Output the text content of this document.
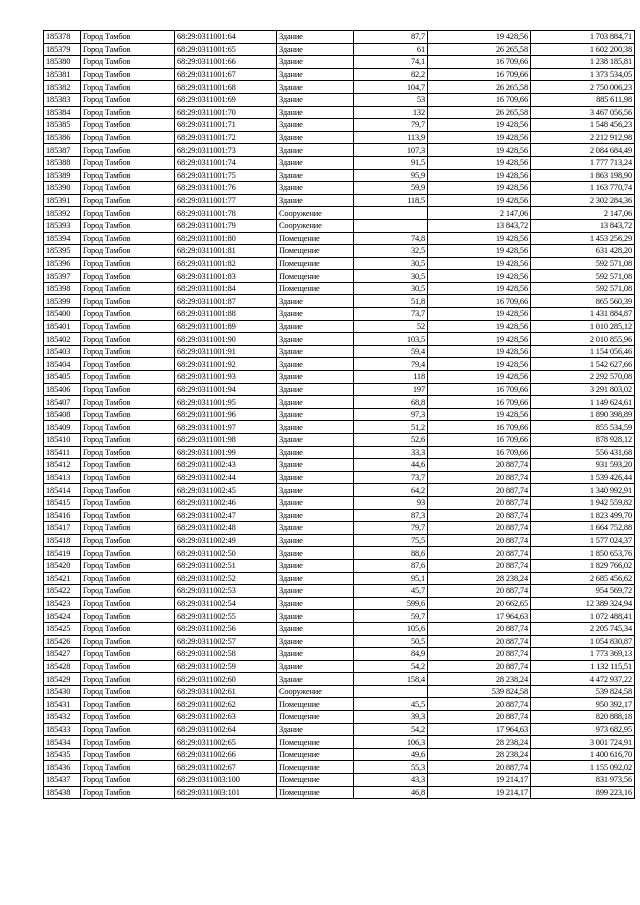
185378	Город Тамбов	68:29:0311001:64	Здание	87,7	19 428,56	1 703 884,71
185379	Город Тамбов	68:29:0311001:65	Здание	61	26 265,58	1 602 200,38
185380	Город Тамбов	68:29:0311001:66	Здание	74,1	16 709,66	1 238 185,81
185381	Город Тамбов	68:29:0311001:67	Здание	82,2	16 709,66	1 373 534,05
185382	Город Тамбов	68:29:0311001:68	Здание	104,7	26 265,58	2 750 006,23
185383	Город Тамбов	68:29:0311001:69	Здание	53	16 709,66	885 611,98
185384	Город Тамбов	68:29:0311001:70	Здание	132	26 265,58	3 467 056,56
185385	Город Тамбов	68:29:0311001:71	Здание	79,7	19 428,56	1 548 456,23
185386	Город Тамбов	68:29:0311001:72	Здание	113,9	19 428,56	2 212 912,98
185387	Город Тамбов	68:29:0311001:73	Здание	107,3	19 428,56	2 084 684,49
185388	Город Тамбов	68:29:0311001:74	Здание	91,5	19 428,56	1 777 713,24
185389	Город Тамбов	68:29:0311001:75	Здание	95,9	19 428,56	1 863 198,90
185390	Город Тамбов	68:29:0311001:76	Здание	59,9	19 428,56	1 163 770,74
185391	Город Тамбов	68:29:0311001:77	Здание	118,5	19 428,56	2 302 284,36
185392	Город Тамбов	68:29:0311001:78	Сооружение		2 147,06	2 147,06
185393	Город Тамбов	68:29:0311001:79	Сооружение		13 843,72	13 843,72
185394	Город Тамбов	68:29:0311001:80	Помещение	74,8	19 428,56	1 453 256,29
185395	Город Тамбов	68:29:0311001:81	Помещение	32,5	19 428,56	631 428,20
185396	Город Тамбов	68:29:0311001:82	Помещение	30,5	19 428,56	592 571,08
185397	Город Тамбов	68:29:0311001:83	Помещение	30,5	19 428,56	592 571,08
185398	Город Тамбов	68:29:0311001:84	Помещение	30,5	19 428,56	592 571,08
185399	Город Тамбов	68:29:0311001:87	Здание	51,8	16 709,66	865 560,39
185400	Город Тамбов	68:29:0311001:88	Здание	73,7	19 428,56	1 431 884,87
185401	Город Тамбов	68:29:0311001:89	Здание	52	19 428,56	1 010 285,12
185402	Город Тамбов	68:29:0311001:90	Здание	103,5	19 428,56	2 010 855,96
185403	Город Тамбов	68:29:0311001:91	Здание	59,4	19 428,56	1 154 056,46
185404	Город Тамбов	68:29:0311001:92	Здание	79,4	19 428,56	1 542 627,66
185405	Город Тамбов	68:29:0311001:93	Здание	118	19 428,56	2 292 570,08
185406	Город Тамбов	68:29:0311001:94	Здание	197	16 709,66	3 291 803,02
185407	Город Тамбов	68:29:0311001:95	Здание	68,8	16 709,66	1 149 624,61
185408	Город Тамбов	68:29:0311001:96	Здание	97,3	19 428,56	1 890 398,89
185409	Город Тамбов	68:29:0311001:97	Здание	51,2	16 709,66	855 534,59
185410	Город Тамбов	68:29:0311001:98	Здание	52,6	16 709,66	878 928,12
185411	Город Тамбов	68:29:0311001:99	Здание	33,3	16 709,66	556 431,68
185412	Город Тамбов	68:29:0311002:43	Здание	44,6	20 887,74	931 593,20
185413	Город Тамбов	68:29:0311002:44	Здание	73,7	20 887,74	1 539 426,44
185414	Город Тамбов	68:29:0311002:45	Здание	64,2	20 887,74	1 340 992,91
185415	Город Тамбов	68:29:0311002:46	Здание	93	20 887,74	1 942 559,82
185416	Город Тамбов	68:29:0311002:47	Здание	87,3	20 887,74	1 823 499,70
185417	Город Тамбов	68:29:0311002:48	Здание	79,7	20 887,74	1 664 752,88
185418	Город Тамбов	68:29:0311002:49	Здание	75,5	20 887,74	1 577 024,37
185419	Город Тамбов	68:29:0311002:50	Здание	88,6	20 887,74	1 850 653,76
185420	Город Тамбов	68:29:0311002:51	Здание	87,6	20 887,74	1 829 766,02
185421	Город Тамбов	68:29:0311002:52	Здание	95,1	28 238,24	2 685 456,62
185422	Город Тамбов	68:29:0311002:53	Здание	45,7	20 887,74	954 569,72
185423	Город Тамбов	68:29:0311002:54	Здание	599,6	20 662,65	12 389 324,94
185424	Город Тамбов	68:29:0311002:55	Здание	59,7	17 964,63	1 072 488,41
185425	Город Тамбов	68:29:0311002:56	Здание	105,6	20 887,74	2 205 745,34
185426	Город Тамбов	68:29:0311002:57	Здание	50,5	20 887,74	1 054 830,87
185427	Город Тамбов	68:29:0311002:58	Здание	84,9	20 887,74	1 773 369,13
185428	Город Тамбов	68:29:0311002:59	Здание	54,2	20 887,74	1 132 115,51
185429	Город Тамбов	68:29:0311002:60	Здание	158,4	28 238,24	4 472 937,22
185430	Город Тамбов	68:29:0311002:61	Сооружение		539 824,58	539 824,58
185431	Город Тамбов	68:29:0311002:62	Помещение	45,5	20 887,74	950 392,17
185432	Город Тамбов	68:29:0311002:63	Помещение	39,3	20 887,74	820 888,18
185433	Город Тамбов	68:29:0311002:64	Здание	54,2	17 964,63	973 682,95
185434	Город Тамбов	68:29:0311002:65	Помещение	106,3	28 238,24	3 001 724,91
185435	Город Тамбов	68:29:0311002:66	Помещение	49,6	28 238,24	1 400 616,70
185436	Город Тамбов	68:29:0311002:67	Помещение	55,3	20 887,74	1 155 092,02
185437	Город Тамбов	68:29:0311003:100	Помещение	43,3	19 214,17	831 973,56
185438	Город Тамбов	68:29:0311003:101	Помещение	46,8	19 214,17	899 223,16
